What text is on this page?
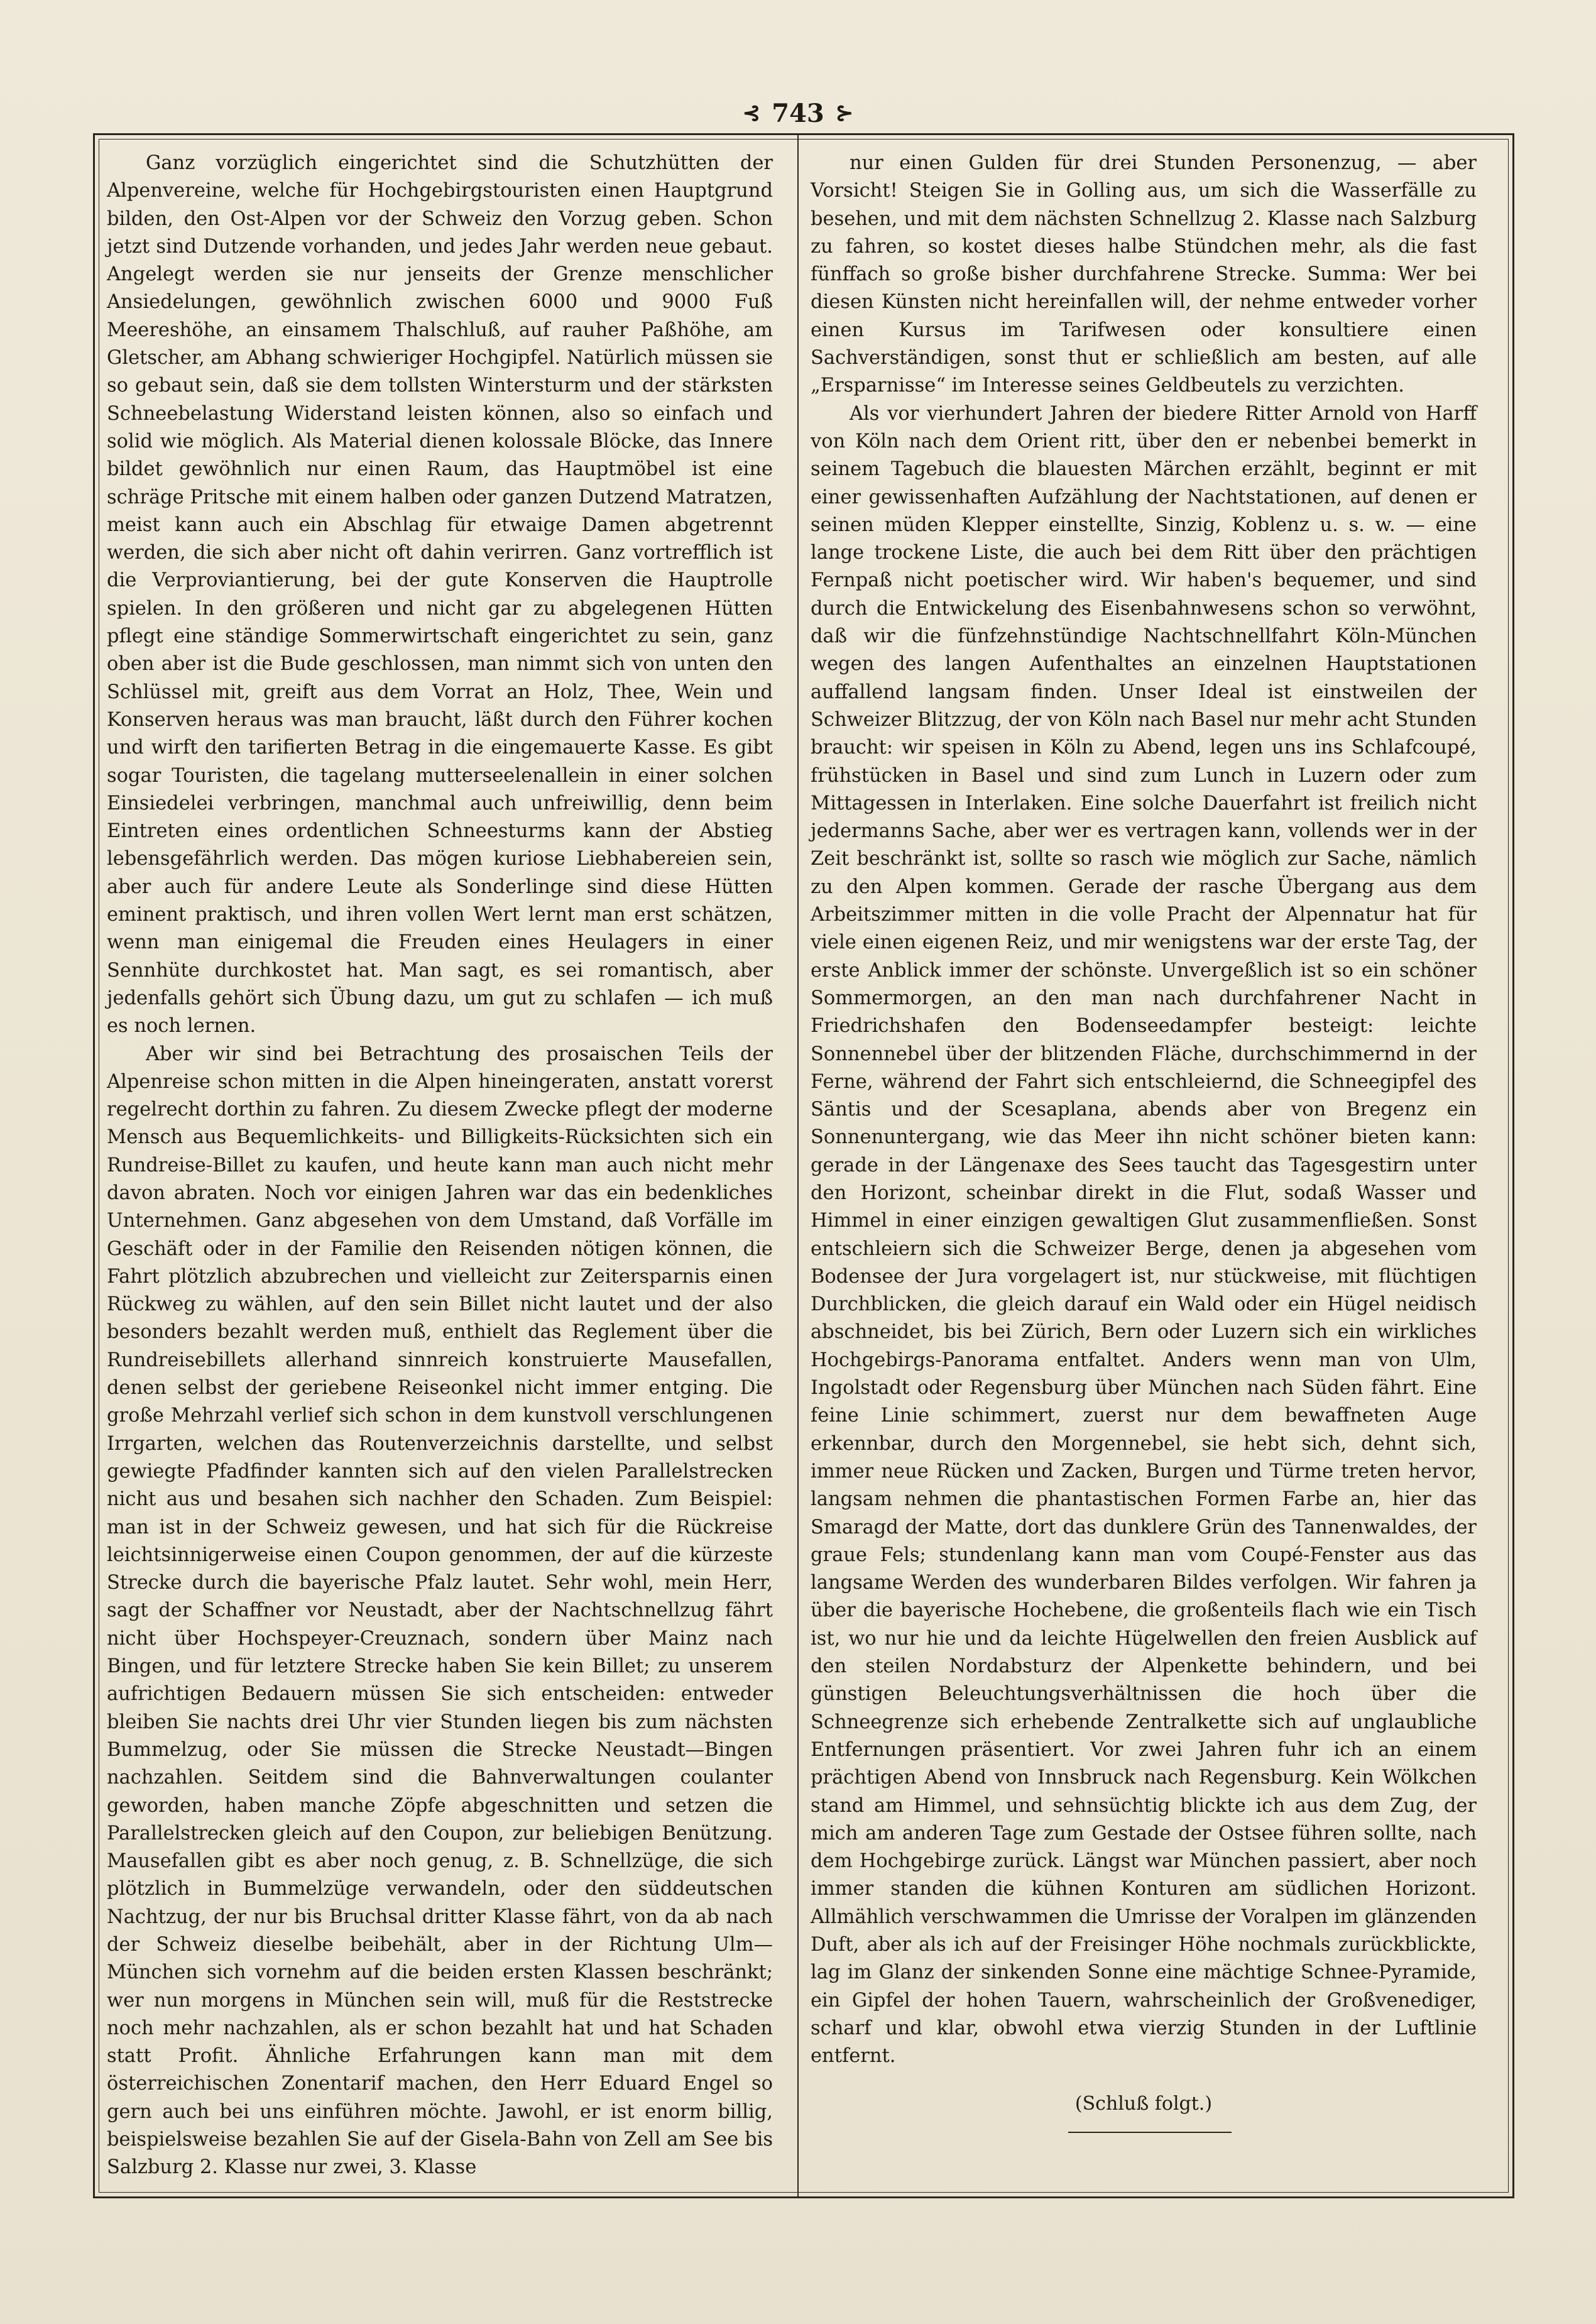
⊰ 743 ⊱

Ganz vorzüglich eingerichtet sind die Schutzhütten der Alpenvereine, welche für Hochgebirgstouristen einen Hauptgrund bilden, den Ost-Alpen vor der Schweiz den Vorzug geben. Schon jetzt sind Dutzende vorhanden, und jedes Jahr werden neue gebaut. Angelegt werden sie nur jenseits der Grenze menschlicher Ansiedelungen, gewöhnlich zwischen 6000 und 9000 Fuß Meereshöhe, an einsamem Thalschluß, auf rauher Paßhöhe, am Gletscher, am Abhang schwieriger Hochgipfel. Natürlich müssen sie so gebaut sein, daß sie dem tollsten Wintersturm und der stärksten Schneebelastung Widerstand leisten können, also so einfach und solid wie möglich. Als Material dienen kolossale Blöcke, das Innere bildet gewöhnlich nur einen Raum, das Hauptmöbel ist eine schräge Pritsche mit einem halben oder ganzen Dutzend Matratzen, meist kann auch ein Abschlag für etwaige Damen abgetrennt werden, die sich aber nicht oft dahin verirren. Ganz vortrefflich ist die Verproviantierung, bei der gute Konserven die Hauptrolle spielen. In den größeren und nicht gar zu abgelegenen Hütten pflegt eine ständige Sommerwirtschaft eingerichtet zu sein, ganz oben aber ist die Bude geschlossen, man nimmt sich von unten den Schlüssel mit, greift aus dem Vorrat an Holz, Thee, Wein und Konserven heraus was man braucht, läßt durch den Führer kochen und wirft den tarifierten Betrag in die eingemauerte Kasse. Es gibt sogar Touristen, die tagelang mutterseelenallein in einer solchen Einsiedelei verbringen, manchmal auch unfreiwillig, denn beim Eintreten eines ordentlichen Schneesturms kann der Abstieg lebensgefährlich werden. Das mögen kuriose Liebhabereien sein, aber auch für andere Leute als Sonderlinge sind diese Hütten eminent praktisch, und ihren vollen Wert lernt man erst schätzen, wenn man einigemal die Freuden eines Heulagers in einer Sennhüte durchkostet hat. Man sagt, es sei romantisch, aber jedenfalls gehört sich Übung dazu, um gut zu schlafen — ich muß es noch lernen.

Aber wir sind bei Betrachtung des prosaischen Teils der Alpenreise schon mitten in die Alpen hineingeraten, anstatt vorerst regelrecht dorthin zu fahren. Zu diesem Zwecke pflegt der moderne Mensch aus Bequemlichkeits- und Billigkeits-Rücksichten sich ein Rundreise-Billet zu kaufen, und heute kann man auch nicht mehr davon abraten. Noch vor einigen Jahren war das ein bedenkliches Unternehmen. Ganz abgesehen von dem Umstand, daß Vorfälle im Geschäft oder in der Familie den Reisenden nötigen können, die Fahrt plötzlich abzubrechen und vielleicht zur Zeitersparnis einen Rückweg zu wählen, auf den sein Billet nicht lautet und der also besonders bezahlt werden muß, enthielt das Reglement über die Rundreisebillets allerhand sinnreich konstruierte Mausefallen, denen selbst der geriebene Reiseonkel nicht immer entging. Die große Mehrzahl verlief sich schon in dem kunstvoll verschlungenen Irrgarten, welchen das Routenverzeichnis darstellte, und selbst gewiegte Pfadfinder kannten sich auf den vielen Parallelstrecken nicht aus und besahen sich nachher den Schaden. Zum Beispiel: man ist in der Schweiz gewesen, und hat sich für die Rückreise leichtsinnigerweise einen Coupon genommen, der auf die kürzeste Strecke durch die bayerische Pfalz lautet. Sehr wohl, mein Herr, sagt der Schaffner vor Neustadt, aber der Nachtschnellzug fährt nicht über Hochspeyer-Creuznach, sondern über Mainz nach Bingen, und für letztere Strecke haben Sie kein Billet; zu unserem aufrichtigen Bedauern müssen Sie sich entscheiden: entweder bleiben Sie nachts drei Uhr vier Stunden liegen bis zum nächsten Bummelzug, oder Sie müssen die Strecke Neustadt—Bingen nachzahlen. Seitdem sind die Bahnverwaltungen coulanter geworden, haben manche Zöpfe abgeschnitten und setzen die Parallelstrecken gleich auf den Coupon, zur beliebigen Benützung. Mausefallen gibt es aber noch genug, z. B. Schnellzüge, die sich plötzlich in Bummelzüge verwandeln, oder den süddeutschen Nachtzug, der nur bis Bruchsal dritter Klasse fährt, von da ab nach der Schweiz dieselbe beibehält, aber in der Richtung Ulm—München sich vornehm auf die beiden ersten Klassen beschränkt; wer nun morgens in München sein will, muß für die Reststrecke noch mehr nachzahlen, als er schon bezahlt hat und hat Schaden statt Profit. Ähnliche Erfahrungen kann man mit dem österreichischen Zonentarif machen, den Herr Eduard Engel so gern auch bei uns einführen möchte. Jawohl, er ist enorm billig, beispielsweise bezahlen Sie auf der Gisela-Bahn von Zell am See bis Salzburg 2. Klasse nur zwei, 3. Klasse

nur einen Gulden für drei Stunden Personenzug, — aber Vorsicht! Steigen Sie in Golling aus, um sich die Wasserfälle zu besehen, und mit dem nächsten Schnellzug 2. Klasse nach Salzburg zu fahren, so kostet dieses halbe Stündchen mehr, als die fast fünffach so große bisher durchfahrene Strecke. Summa: Wer bei diesen Künsten nicht hereinfallen will, der nehme entweder vorher einen Kursus im Tarifwesen oder konsultiere einen Sachverständigen, sonst thut er schließlich am besten, auf alle „Ersparnisse“ im Interesse seines Geldbeutels zu verzichten.

Als vor vierhundert Jahren der biedere Ritter Arnold von Harff von Köln nach dem Orient ritt, über den er nebenbei bemerkt in seinem Tagebuch die blauesten Märchen erzählt, beginnt er mit einer gewissenhaften Aufzählung der Nachtstationen, auf denen er seinen müden Klepper einstellte, Sinzig, Koblenz u. s. w. — eine lange trockene Liste, die auch bei dem Ritt über den prächtigen Fernpaß nicht poetischer wird. Wir haben's bequemer, und sind durch die Entwickelung des Eisenbahnwesens schon so verwöhnt, daß wir die fünfzehnstündige Nachtschnellfahrt Köln-München wegen des langen Aufenthaltes an einzelnen Hauptstationen auffallend langsam finden. Unser Ideal ist einstweilen der Schweizer Blitzzug, der von Köln nach Basel nur mehr acht Stunden braucht: wir speisen in Köln zu Abend, legen uns ins Schlafcoupé, frühstücken in Basel und sind zum Lunch in Luzern oder zum Mittagessen in Interlaken. Eine solche Dauerfahrt ist freilich nicht jedermanns Sache, aber wer es vertragen kann, vollends wer in der Zeit beschränkt ist, sollte so rasch wie möglich zur Sache, nämlich zu den Alpen kommen. Gerade der rasche Übergang aus dem Arbeitszimmer mitten in die volle Pracht der Alpennatur hat für viele einen eigenen Reiz, und mir wenigstens war der erste Tag, der erste Anblick immer der schönste. Unvergeßlich ist so ein schöner Sommermorgen, an den man nach durchfahrener Nacht in Friedrichshafen den Bodenseedampfer besteigt: leichte Sonnennebel über der blitzenden Fläche, durchschimmernd in der Ferne, während der Fahrt sich entschleiernd, die Schneegipfel des Säntis und der Scesaplana, abends aber von Bregenz ein Sonnenuntergang, wie das Meer ihn nicht schöner bieten kann: gerade in der Längenaxe des Sees taucht das Tagesgestirn unter den Horizont, scheinbar direkt in die Flut, sodaß Wasser und Himmel in einer einzigen gewaltigen Glut zusammenfließen. Sonst entschleiern sich die Schweizer Berge, denen ja abgesehen vom Bodensee der Jura vorgelagert ist, nur stückweise, mit flüchtigen Durchblicken, die gleich darauf ein Wald oder ein Hügel neidisch abschneidet, bis bei Zürich, Bern oder Luzern sich ein wirkliches Hochgebirgs-Panorama entfaltet. Anders wenn man von Ulm, Ingolstadt oder Regensburg über München nach Süden fährt. Eine feine Linie schimmert, zuerst nur dem bewaffneten Auge erkennbar, durch den Morgennebel, sie hebt sich, dehnt sich, immer neue Rücken und Zacken, Burgen und Türme treten hervor, langsam nehmen die phantastischen Formen Farbe an, hier das Smaragd der Matte, dort das dunklere Grün des Tannenwaldes, der graue Fels; stundenlang kann man vom Coupé-Fenster aus das langsame Werden des wunderbaren Bildes verfolgen. Wir fahren ja über die bayerische Hochebene, die großenteils flach wie ein Tisch ist, wo nur hie und da leichte Hügelwellen den freien Ausblick auf den steilen Nordabsturz der Alpenkette behindern, und bei günstigen Beleuchtungsverhältnissen die hoch über die Schneegrenze sich erhebende Zentralkette sich auf unglaubliche Entfernungen präsentiert. Vor zwei Jahren fuhr ich an einem prächtigen Abend von Innsbruck nach Regensburg. Kein Wölkchen stand am Himmel, und sehnsüchtig blickte ich aus dem Zug, der mich am anderen Tage zum Gestade der Ostsee führen sollte, nach dem Hochgebirge zurück. Längst war München passiert, aber noch immer standen die kühnen Konturen am südlichen Horizont. Allmählich verschwammen die Umrisse der Voralpen im glänzenden Duft, aber als ich auf der Freisinger Höhe nochmals zurückblickte, lag im Glanz der sinkenden Sonne eine mächtige Schnee-Pyramide, ein Gipfel der hohen Tauern, wahrscheinlich der Großvenediger, scharf und klar, obwohl etwa vierzig Stunden in der Luftlinie entfernt.

(Schluß folgt.)
